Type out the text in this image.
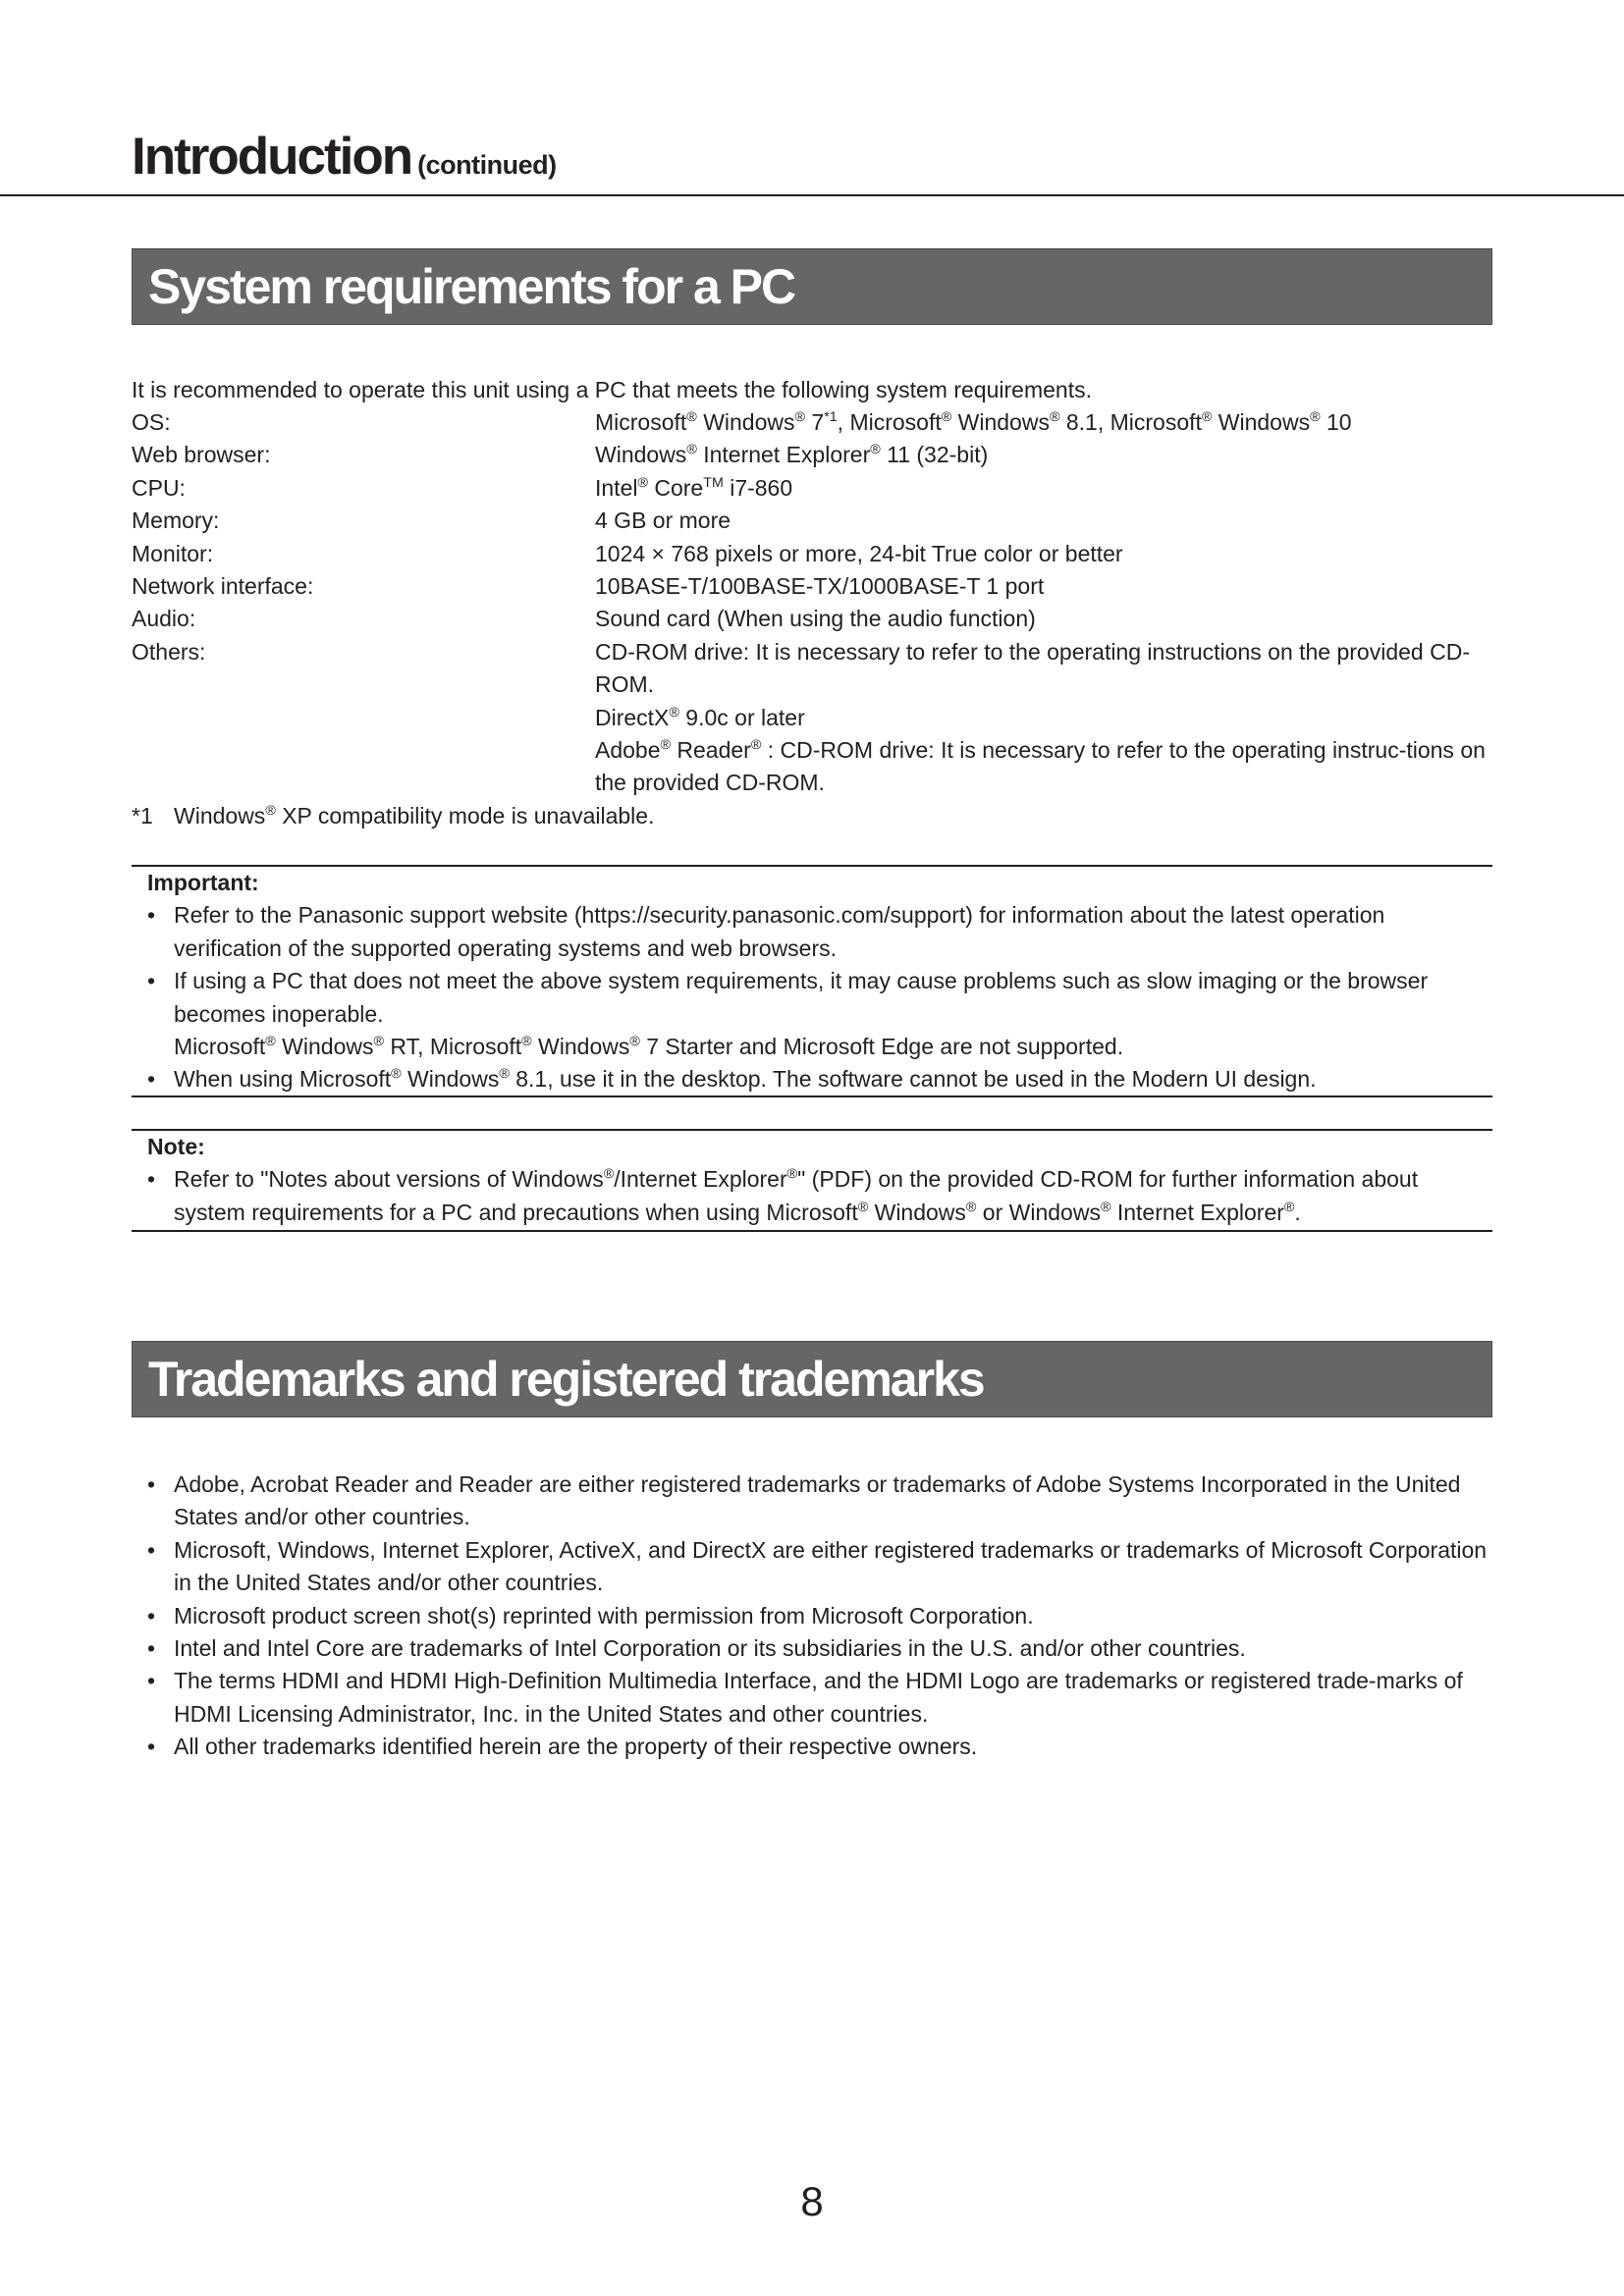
Introduction (continued)
System requirements for a PC
It is recommended to operate this unit using a PC that meets the following system requirements.
OS:	Microsoft® Windows® 7$^{*1}$, Microsoft® Windows® 8.1, Microsoft® Windows® 10
Web browser:	Windows® Internet Explorer® 11 (32-bit)
CPU:	Intel® Core™ i7-860
Memory:	4 GB or more
Monitor:	1024 × 768 pixels or more, 24-bit True color or better
Network interface:	10BASE-T/100BASE-TX/1000BASE-T 1 port
Audio:	Sound card (When using the audio function)
Others:	CD-ROM drive: It is necessary to refer to the operating instructions on the provided CD-ROM.
DirectX® 9.0c or later
Adobe® Reader® : CD-ROM drive: It is necessary to refer to the operating instruc-tions on the provided CD-ROM.
*1 Windows® XP compatibility mode is unavailable.
Important:
• Refer to the Panasonic support website (https://security.panasonic.com/support) for information about the latest operation verification of the supported operating systems and web browsers.
• If using a PC that does not meet the above system requirements, it may cause problems such as slow imaging or the browser becomes inoperable.
Microsoft® Windows® RT, Microsoft® Windows® 7 Starter and Microsoft Edge are not supported.
• When using Microsoft® Windows® 8.1, use it in the desktop. The software cannot be used in the Modern UI design.
Note:
• Refer to "Notes about versions of Windows®/Internet Explorer®" (PDF) on the provided CD-ROM for further information about system requirements for a PC and precautions when using Microsoft® Windows® or Windows® Internet Explorer®.
Trademarks and registered trademarks
• Adobe, Acrobat Reader and Reader are either registered trademarks or trademarks of Adobe Systems Incorporated in the United States and/or other countries.
• Microsoft, Windows, Internet Explorer, ActiveX, and DirectX are either registered trademarks or trademarks of Microsoft Corporation in the United States and/or other countries.
• Microsoft product screen shot(s) reprinted with permission from Microsoft Corporation.
• Intel and Intel Core are trademarks of Intel Corporation or its subsidiaries in the U.S. and/or other countries.
• The terms HDMI and HDMI High-Definition Multimedia Interface, and the HDMI Logo are trademarks or registered trade-marks of HDMI Licensing Administrator, Inc. in the United States and other countries.
• All other trademarks identified herein are the property of their respective owners.
8
